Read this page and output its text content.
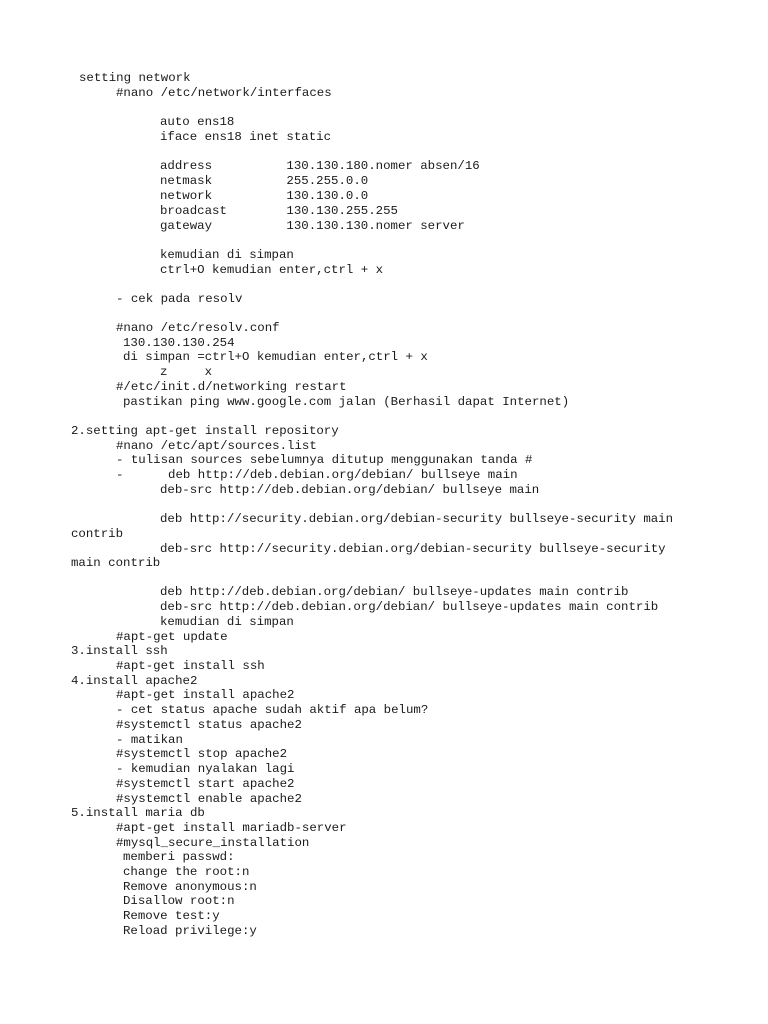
setting network

#nano /etc/network/interfaces

auto ens18

iface ens18 inet static

address          130.130.180.nomer absen/16

netmask          255.255.0.0

network          130.130.0.0

broadcast        130.130.255.255

gateway          130.130.130.nomer server

kemudian di simpan

ctrl+O kemudian enter,ctrl + x

- cek pada resolv

#nano /etc/resolv.conf

130.130.130.254

di simpan =ctrl+O kemudian enter,ctrl + x

z     x

#/etc/init.d/networking restart

pastikan ping www.google.com jalan (Berhasil dapat Internet)

2.setting apt-get install repository

#nano /etc/apt/sources.list

- tulisan sources sebelumnya ditutup menggunakan tanda #

-      deb http://deb.debian.org/debian/ bullseye main

deb-src http://deb.debian.org/debian/ bullseye main

deb http://security.debian.org/debian-security bullseye-security main

contrib

deb-src http://security.debian.org/debian-security bullseye-security

main contrib

deb http://deb.debian.org/debian/ bullseye-updates main contrib

deb-src http://deb.debian.org/debian/ bullseye-updates main contrib

kemudian di simpan

#apt-get update

3.install ssh

#apt-get install ssh

4.install apache2

#apt-get install apache2

- cet status apache sudah aktif apa belum?

#systemctl status apache2

- matikan

#systemctl stop apache2

- kemudian nyalakan lagi

#systemctl start apache2

#systemctl enable apache2

5.install maria db

#apt-get install mariadb-server

#mysql_secure_installation

memberi passwd:

change the root:n

Remove anonymous:n

Disallow root:n

Remove test:y

Reload privilege:y
